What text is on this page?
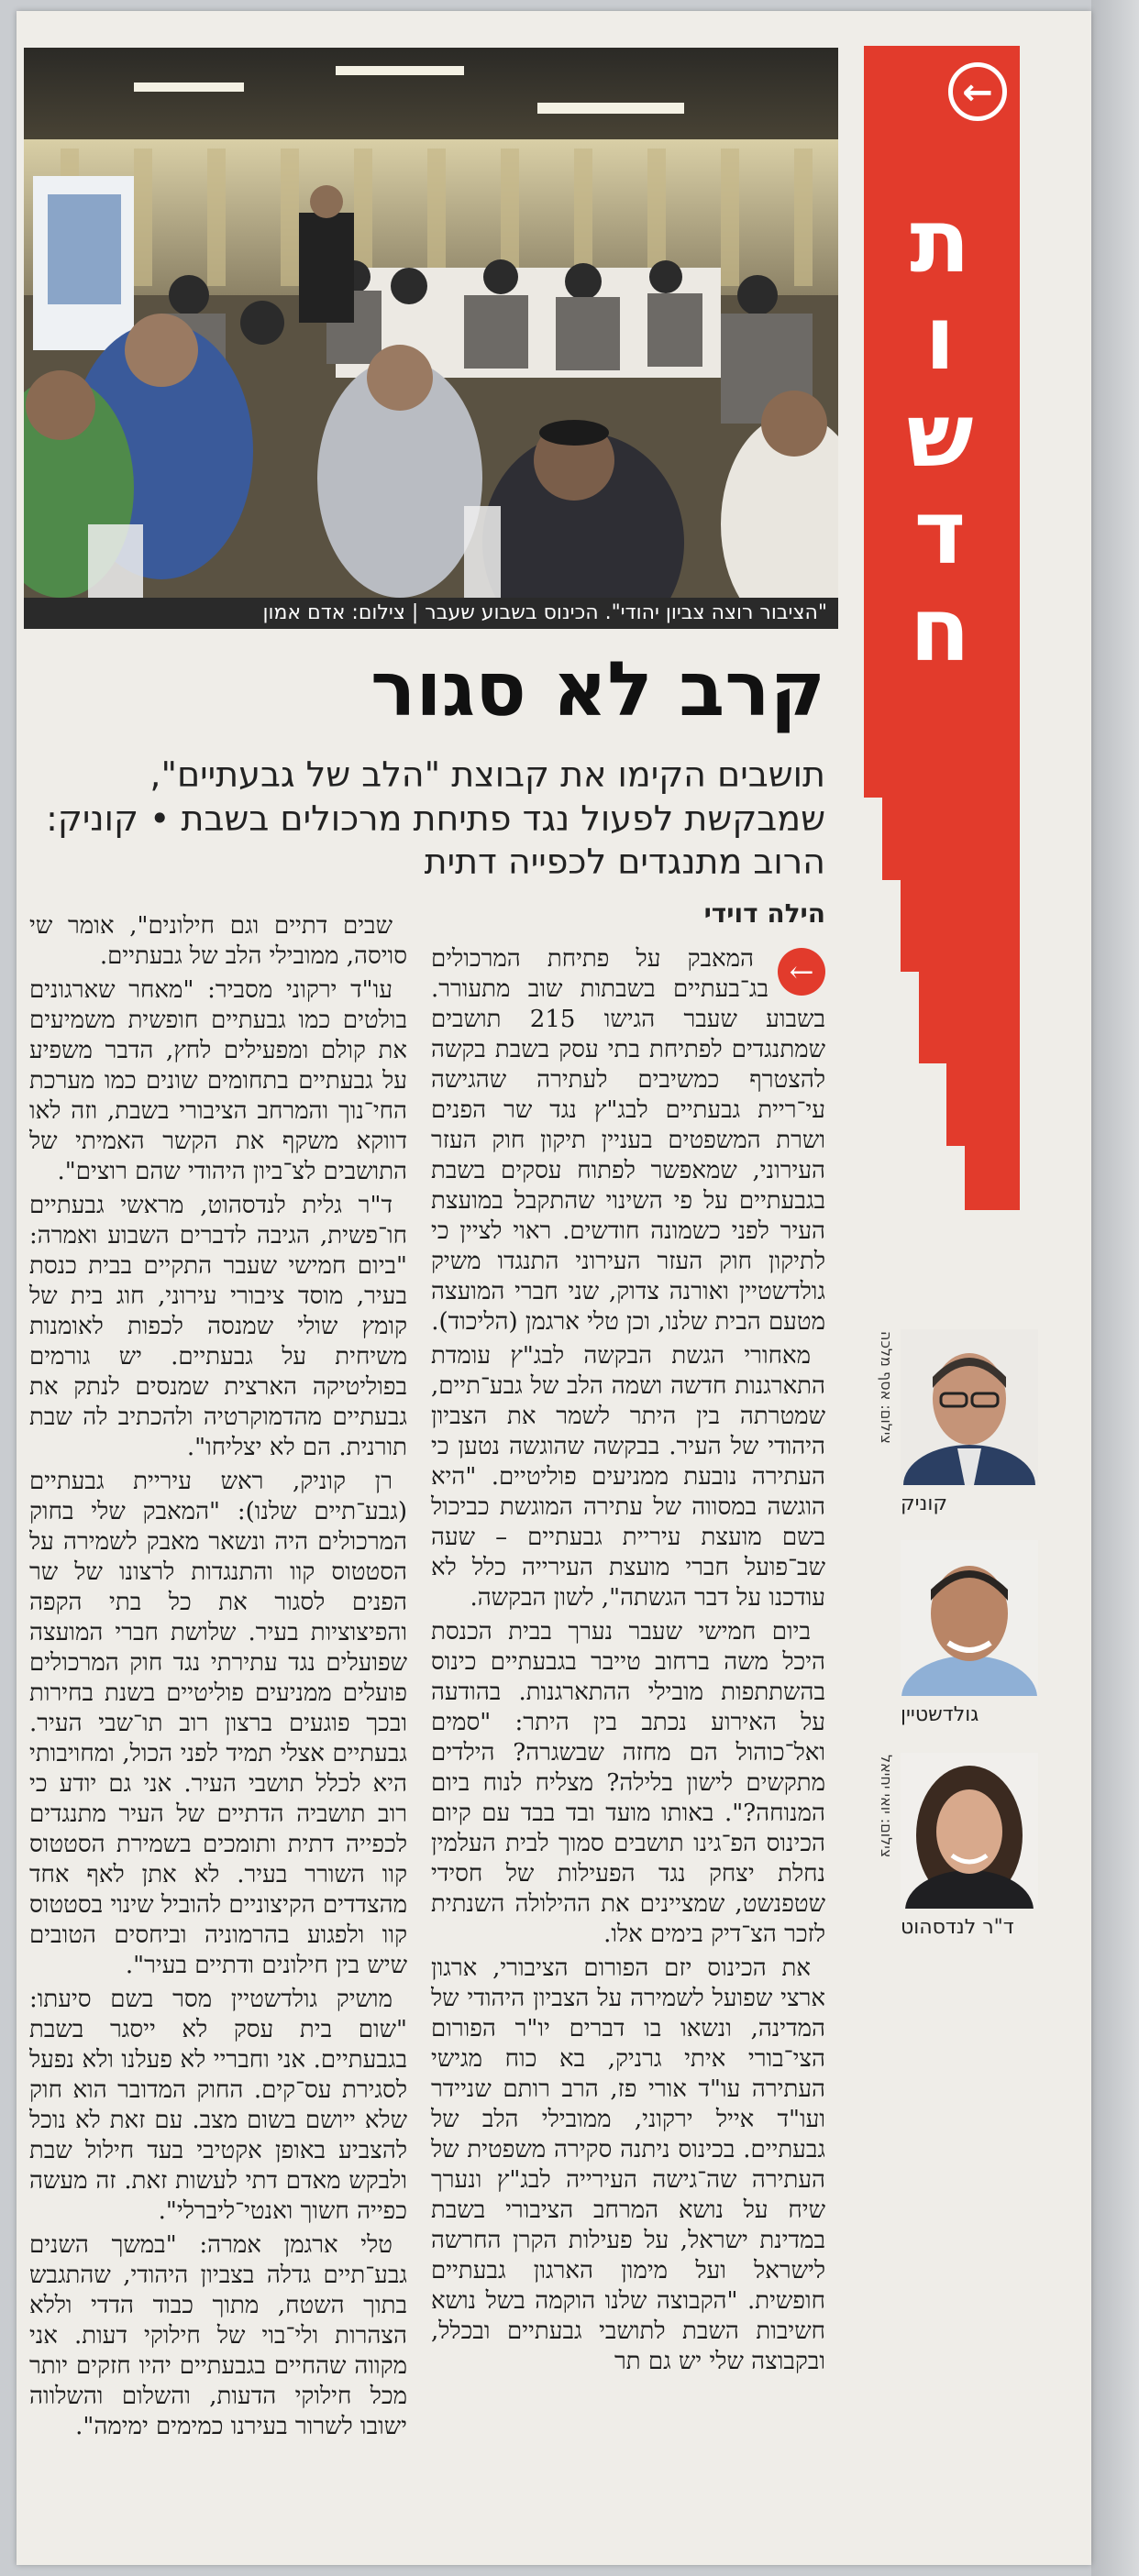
←
חדשות
"הציבור רוצה צביון יהודי". הכינוס בשבוע שעבר | צילום: אדם אמון
קרב לא סגור
תושבים הקימו את קבוצת "הלב של גבעתיים", שמבקשת לפעול נגד פתיחת מרכולים בשבת • קוניק: הרוב מתנגדים לכפייה דתית
הילה דוידי
←

המאבק על פתיחת המרכולים בג־בעתיים בשבתות שוב מתעורר. בשבוע שעבר הגישו 215 תושבים שמתנגדים לפתיחת בתי עסק בשבת בקשה להצטרף כמשיבים לעתירה שהגישה עי־ריית גבעתיים לבג"ץ נגד שר הפנים ושרת המשפטים בעניין תיקון חוק העזר העירוני, שמאפשר לפתוח עסקים בשבת בגבעתיים על פי השינוי שהתקבל במועצת העיר לפני כשמונה חודשים. ראוי לציין כי לתיקון חוק העזר העירוני התנגדו משיק גולדשטיין ואורנה צדוק, שני חברי המועצה מטעם הבית שלנו, וכן טלי ארגמן (הליכוד).

מאחורי הגשת הבקשה לבג"ץ עומדת התארגנות חדשה ושמה הלב של גבע־תיים, שמטרתה בין היתר לשמר את הצביון היהודי של העיר. בבקשה שהוגשה נטען כי העתירה נובעת ממניעים פוליטיים. "היא הוגשה במסווה של עתירה המוגשת כביכול בשם מועצת עיריית גבעתיים – שעה שב־פועל חברי מועצת העירייה כלל לא עודכנו על דבר הגשתה", לשון הבקשה.

ביום חמישי שעבר נערך בבית הכנסת היכל משה ברחוב טייבר בגבעתיים כינוס בהשתתפות מובילי ההתארגנות. בהודעה על האירוע נכתב בין היתר: "סמים ואל־כוהול הם מחזה שבשגרה? הילדים מתקשים לישון בלילה? מצליח לנוח ביום המנוחה?". באותו מועד ובד בבד עם קיום הכינוס הפ־גינו תושבים סמוך לבית העלמין נחלת יצחק נגד הפעילות של חסידי שטפנשט, שמציינים את ההילולה השנתית לזכר הצ־דיק בימים אלו.

את הכינוס יזם הפורום הציבורי, ארגון ארצי שפועל לשמירה על הצביון היהודי של המדינה, ונשאו בו דברים יו"ר הפורום הצי־בורי איתי גרניק, בא כוח מגישי העתירה עו"ד אורי פז, הרב רותם שניידר ועו"ד אייל ירקוני, ממובילי הלב של גבעתיים. בכינוס ניתנה סקירה משפטית של העתירה שה־גישה העירייה לבג"ץ ונערך שיח על נושא המרחב הציבורי בשבת במדינת ישראל, על פעילות הקרן החרשה לישראל ועל מימון הארגון גבעתיים חופשית. "הקבוצה שלנו הוקמה בשל נושא חשיבות השבת לתושבי גבעתיים ובכלל, ובקבוצה שלי יש גם תר

שבים דתיים וגם חילונים", אומר שי סויסה, ממובילי הלב של גבעתיים.

עו"ד ירקוני מסביר: "מאחר שארגונים בולטים כמו גבעתיים חופשית משמיעים את קולם ומפעילים לחץ, הדבר משפיע על גבעתיים בתחומים שונים כמו מערכת החי־נוך והמרחב הציבורי בשבת, וזה לאו דווקא משקף את הקשר האמיתי של התושבים לצ־ביון היהודי שהם רוצים".

ד"ר גלית לנדסהוט, מראשי גבעתיים חו־פשית, הגיבה לדברים השבוע ואמרה: "ביום חמישי שעבר התקיים בבית כנסת בעיר, מוסד ציבורי עירוני, חוג בית של קומץ שולי שמנסה לכפות לאומנות משיחית על גבעתיים. יש גורמים בפוליטיקה הארצית שמנסים לנתק את גבעתיים מהדמוקרטיה ולהכתיב לה שבת תורנית. הם לא יצליחו".

רן קוניק, ראש עיריית גבעתיים (גבע־תיים שלנו): "המאבק שלי בחוק המרכולים היה ונשאר מאבק לשמירה על הסטטוס קוו והתנגדות לרצונו של שר הפנים לסגור את כל בתי הקפה והפיצוציות בעיר. שלושת חברי המועצה שפועלים נגד עתירתי נגד חוק המרכולים פועלים ממניעים פוליטיים בשנת בחירות ובכך פוגעים ברצון רוב תו־שבי העיר. גבעתיים אצלי תמיד לפני הכול, ומחויבותי היא לכלל תושבי העיר. אני גם יודע כי רוב תושביה הדתיים של העיר מתנגדים לכפייה דתית ותומכים בשמירת הסטטוס קוו השורר בעיר. לא אתן לאף אחד מהצדדים הקיצוניים להוביל שינוי בסטטוס קוו ולפגוע בהרמוניה וביחסים הטובים שיש בין חילונים ודתיים בעיר".

מושיק גולדשטיין מסר בשם סיעתו: "שום בית עסק לא ייסגר בשבת בגבעתיים. אני וחבריי לא פעלנו ולא נפעל לסגירת עס־קים. החוק המדובר הוא חוק שלא ייושם בשום מצב. עם זאת לא נוכל להצביע באופן אקטיבי בעד חילול שבת ולבקש מאדם דתי לעשות זאת. זה מעשה כפייה חשוך ואנטי־ליברלי".

טלי ארגמן אמרה: "במשך השנים גבע־תיים גדלה בצביון היהודי, שהתגבש בתוך השטח, מתוך כבוד הדדי וללא הצהרות ולי־בוי של חילוקי דעות. אני מקווה שהחיים בגבעתיים יהיו חזקים יותר מכל חילוקי הדעות, והשלום והשלווה ישובו לשרור בעירנו כמימים ימימה".

קוניק
צילום: אסף מלכה
גולדשטיין
ד"ר לנדסהוט
צילום: יואי יחיאל
